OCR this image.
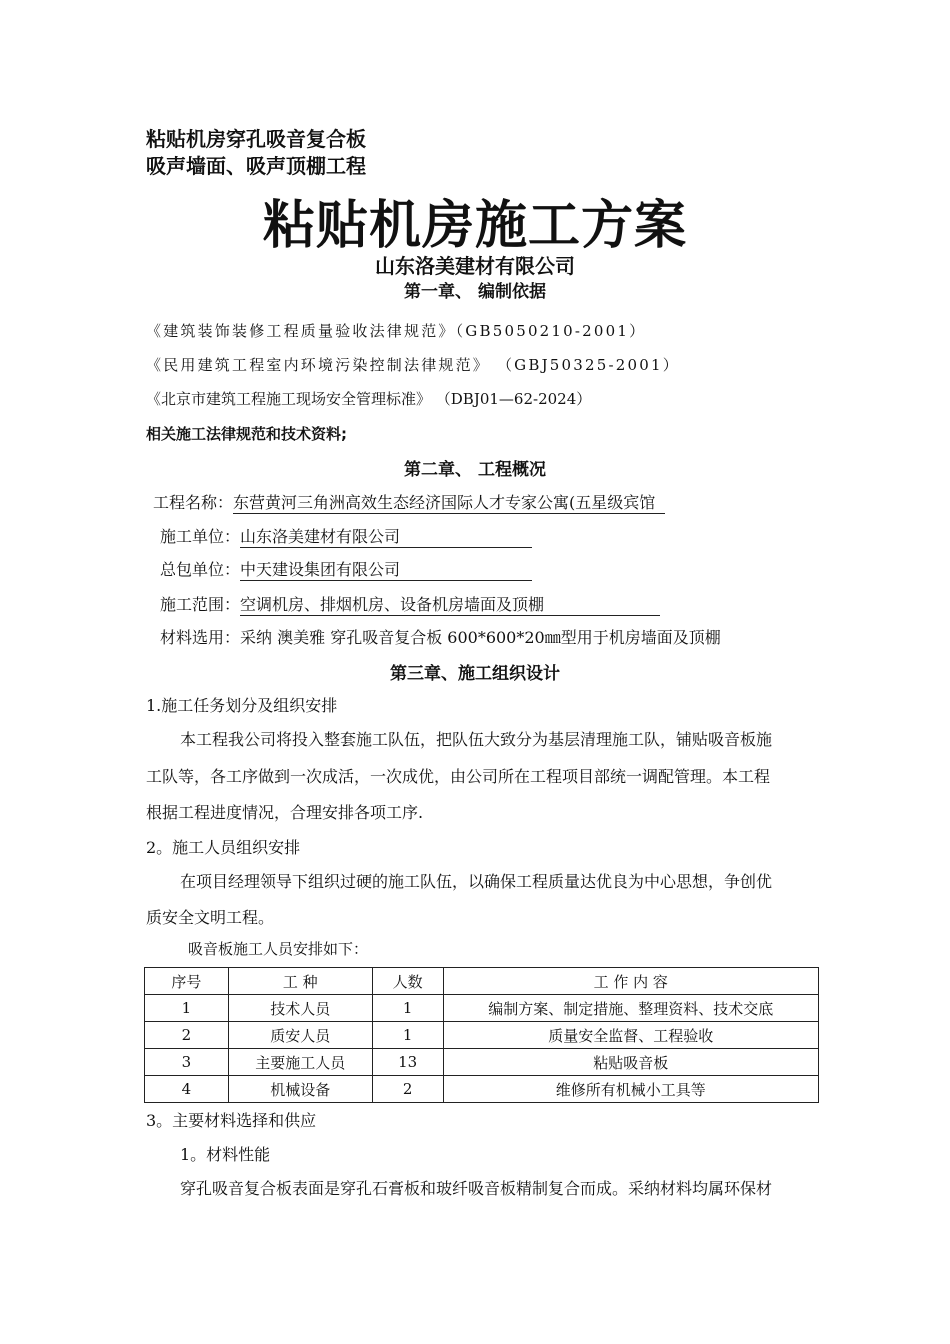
粘贴机房穿孔吸音复合板
吸声墙面、吸声顶棚工程
粘贴机房施工方案
山东洛美建材有限公司
第一章、 编制依据
《建筑装饰装修工程质量验收法律规范》（GB5050210-2001）
《民用建筑工程室内环境污染控制法律规范》 （GBJ50325-2001）
《北京市建筑工程施工现场安全管理标准》 （DBJ01—62-2024）
相关施工法律规范和技术资料;
第二章、 工程概况
工程名称：东营黄河三角洲高效生态经济国际人才专家公寓(五星级宾馆
施工单位：山东洛美建材有限公司
总包单位：中天建设集团有限公司
施工范围：空调机房、排烟机房、设备机房墙面及顶棚
材料选用：采纳 澳美雅 穿孔吸音复合板 600*600*20㎜型用于机房墙面及顶棚
第三章、施工组织设计
1.施工任务划分及组织安排
本工程我公司将投入整套施工队伍，把队伍大致分为基层清理施工队，铺贴吸音板施
工队等，各工序做到一次成活，一次成优，由公司所在工程项目部统一调配管理。本工程
根据工程进度情况，合理安排各项工序.
2。施工人员组织安排
在项目经理领导下组织过硬的施工队伍，以确保工程质量达优良为中心思想，争创优
质安全文明工程。
吸音板施工人员安排如下：
序号	工 种	人数	工 作 内 容
1	技术人员	1	编制方案、制定措施、整理资料、技术交底
2	质安人员	1	质量安全监督、工程验收
3	主要施工人员	13	粘贴吸音板
4	机械设备	2	维修所有机械小工具等
3。主要材料选择和供应
1。材料性能
穿孔吸音复合板表面是穿孔石膏板和玻纤吸音板精制复合而成。采纳材料均属环保材
